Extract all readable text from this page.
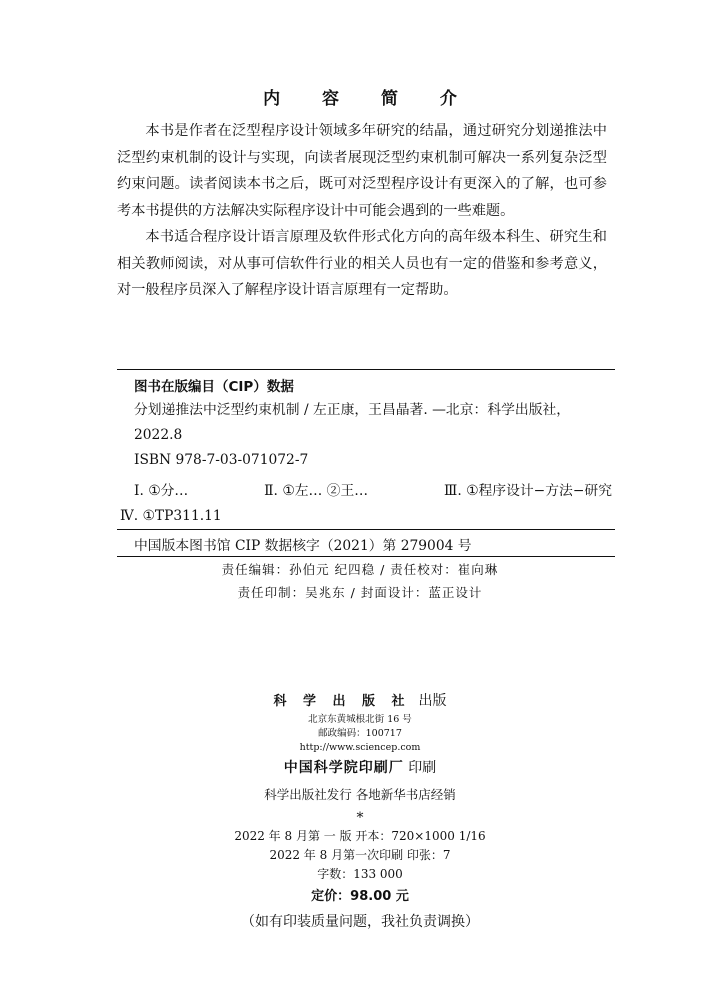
内 容 简 介

本书是作者在泛型程序设计领域多年研究的结晶，通过研究分划递推法中泛型约束机制的设计与实现，向读者展现泛型约束机制可解决一系列复杂泛型约束问题。读者阅读本书之后，既可对泛型程序设计有更深入的了解，也可参考本书提供的方法解决实际程序设计中可能会遇到的一些难题。

本书适合程序设计语言原理及软件形式化方向的高年级本科生、研究生和相关教师阅读，对从事可信软件行业的相关人员也有一定的借鉴和参考意义，对一般程序员深入了解程序设计语言原理有一定帮助。

图书在版编目（CIP）数据
分划递推法中泛型约束机制 / 左正康，王昌晶著. —北京：科学出版社，2022.8
ISBN 978-7-03-071072-7
Ⅰ. ①分…	Ⅱ. ①左… ②王…	Ⅲ. ①程序设计−方法−研究
Ⅳ. ①TP311.11
中国版本图书馆 CIP 数据核字（2021）第 279004 号
责任编辑：孙伯元 纪四稳 / 责任校对：崔向琳
责任印制：吴兆东 / 封面设计：蓝正设计
科 学 出 版 社 出版
北京东黄城根北街 16 号
邮政编码：100717
http://www.sciencep.com
中国科学院印刷厂 印刷
科学出版社发行 各地新华书店经销
*
2022 年 8 月第 一 版 开本：720×1000 1/16
2022 年 8 月第一次印刷 印张：7
字数：133 000
定价：98.00 元
（如有印装质量问题，我社负责调换）
